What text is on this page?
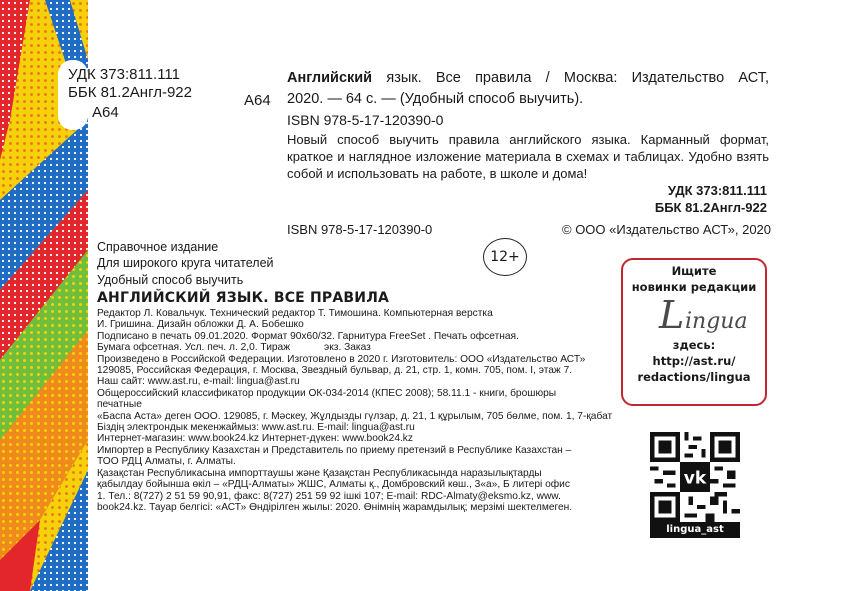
УДК 373:811.111
ББК 81.2Англ-922
А64
А64
Английский язык. Все правила / Москва: Издательство АСТ,
2020. — 64 с. — (Удобный способ выучить).
ISBN 978-5-17-120390-0
Новый способ выучить правила английского языка. Карманный формат, краткое и наглядное изложение материала в схемах и таблицах. Удобно взять собой и использовать на работе, в школе и дома!
УДК 373:811.111
ББК 81.2Англ-922
ISBN 978-5-17-120390-0	© ООО «Издательство АСТ», 2020
12+
Справочное издание
Для широкого круга читателей
Удобный способ выучить
АНГЛИЙСКИЙ ЯЗЫК. ВСЕ ПРАВИЛА
Редактор Л. Ковальчук. Технический редактор Т. Тимошина. Компьютерная верстка
И. Гришина. Дизайн обложки Д. А. Бобешко
Подписано в печать 09.01.2020. Формат 90x60/32. Гарнитура FreeSet . Печать офсетная.
Бумага офсетная. Усл. печ. л. 2,0. Тираж            экз. Заказ
Произведено в Российской Федерации. Изготовлено в 2020 г. Изготовитель: ООО «Издательство АСТ»
129085, Российская Федерация, г. Москва, Звездный бульвар, д. 21, стр. 1, комн. 705, пом. I, этаж 7.
Наш сайт: www.ast.ru, e-mail: lingua@ast.ru
Общероссийский классификатор продукции ОК-034-2014 (КПЕС 2008); 58.11.1 - книги, брошюры
печатные
«Баспа Аста» деген ООО. 129085, г. Мәскеу, Жұлдызды гүлзар, д. 21, 1 құрылым, 705 бөлме, пом. 1, 7-қабат
Біздің электрондык мекенжаймыз: www.ast.ru. E-mail: lingua@ast.ru
Интернет-магазин: www.book24.kz Интернет-дүкен: www.book24.kz
Импортер в Республику Казахстан и Представитель по приему претензий в Республике Казахстан –
ТОО РДЦ Алматы, г. Алматы.
Қазақстан Республикасына импорттаушы және Қазақстан Республикасында наразылықтарды
қабылдау бойынша өкіл – «РДЦ-Алматы» ЖШС, Алматы қ., Домбровский көш., 3«а», Б литері офис
1. Тел.: 8(727) 2 51 59 90,91, факс: 8(727) 251 59 92 ішкі 107; E-mail: RDC-Almaty@eksmo.kz, www.
book24.kz. Тауар белгісі: «АСТ» Өндірілген жылы: 2020. Өнімнің жарамдылық; мерзімі шектелмеген.
Ищите
новинки редакции
L ingua
здесь:
http://ast.ru/
redactions/lingua
vk
lingua_ast
